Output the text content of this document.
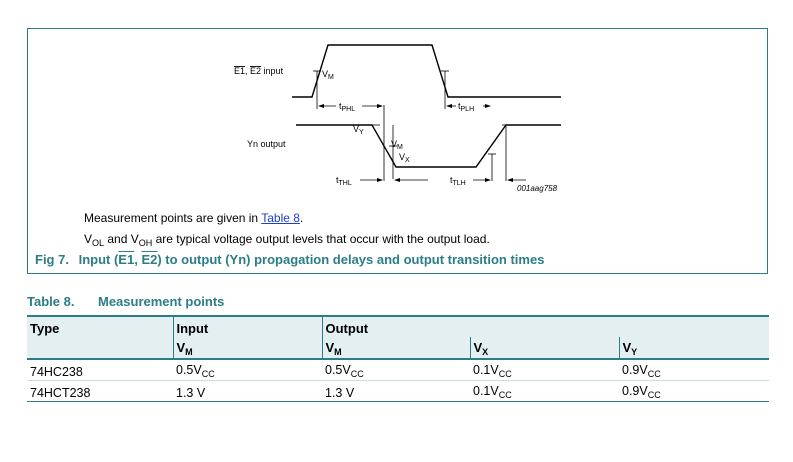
E1, E2 input
Yn output
$V_M$
$t_{PHL}$	$t_{PLH}$
$V_Y$
$V_M$
$V_X$
$t_{THL}$	$t_{TLH}$
001aag758
Measurement points are given in Table 8.
$V_{OL}$ and $V_{OH}$ are typical voltage output levels that occur with the output load.
Fig 7. Input (E1, E2) to output (Yn) propagation delays and output transition times
Table 8. Measurement points
Type	Input	Output		
	$V_M$	$V_M$	$V_X$	$V_Y$
74HC238	$0.5V_{CC}$	$0.5V_{CC}$	$0.1V_{CC}$	$0.9V_{CC}$
74HCT238	1.3 V	1.3 V	$0.1V_{CC}$	$0.9V_{CC}$
